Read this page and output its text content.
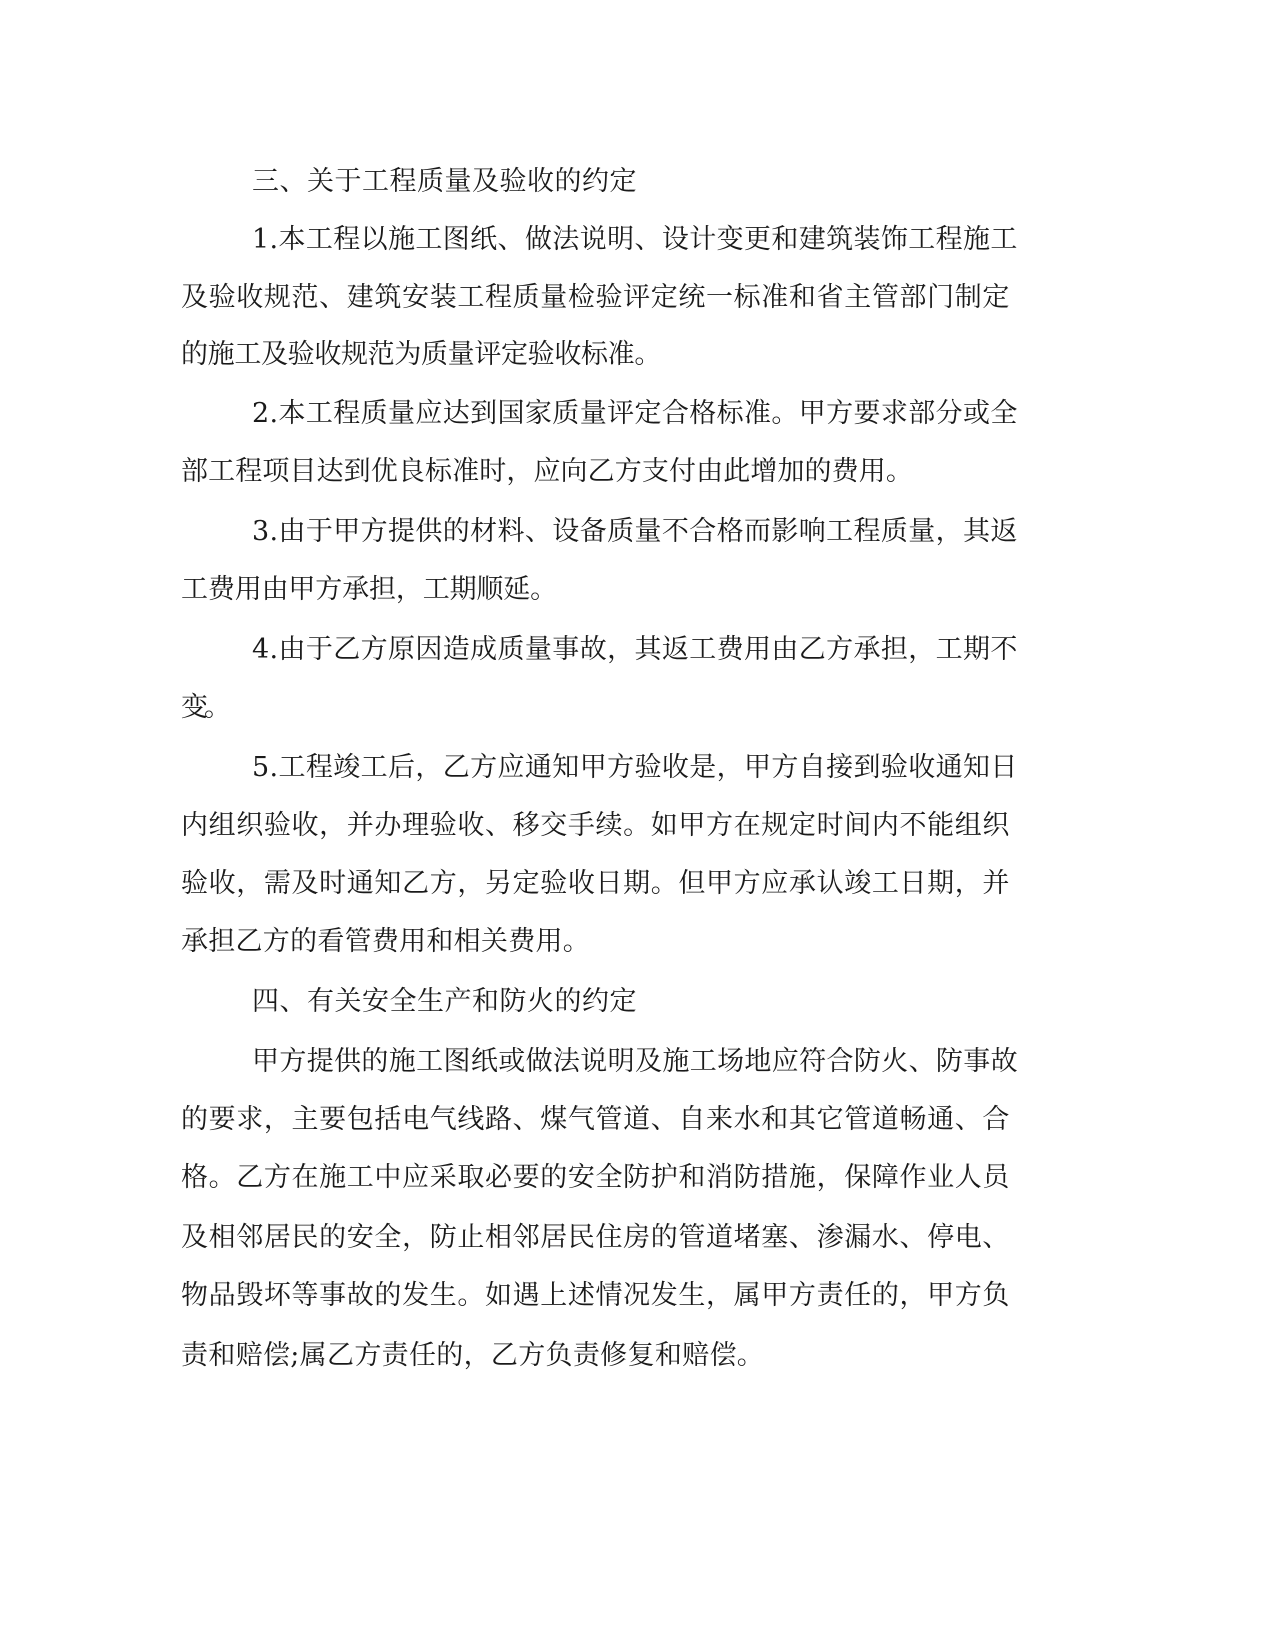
三、关于工程质量及验收的约定
1.本工程以施工图纸、做法说明、设计变更和建筑装饰工程施工
及验收规范、建筑安装工程质量检验评定统一标准和省主管部门制定
的施工及验收规范为质量评定验收标准。
2.本工程质量应达到国家质量评定合格标准。甲方要求部分或全
部工程项目达到优良标准时，应向乙方支付由此增加的费用。
3.由于甲方提供的材料、设备质量不合格而影响工程质量，其返
工费用由甲方承担，工期顺延。
4.由于乙方原因造成质量事故，其返工费用由乙方承担，工期不
变。
5.工程竣工后，乙方应通知甲方验收是，甲方自接到验收通知日
内组织验收，并办理验收、移交手续。如甲方在规定时间内不能组织
验收，需及时通知乙方，另定验收日期。但甲方应承认竣工日期，并
承担乙方的看管费用和相关费用。
四、有关安全生产和防火的约定
甲方提供的施工图纸或做法说明及施工场地应符合防火、防事故
的要求，主要包括电气线路、煤气管道、自来水和其它管道畅通、合
格。乙方在施工中应采取必要的安全防护和消防措施，保障作业人员
及相邻居民的安全，防止相邻居民住房的管道堵塞、渗漏水、停电、
物品毁坏等事故的发生。如遇上述情况发生，属甲方责任的，甲方负
责和赔偿;属乙方责任的，乙方负责修复和赔偿。
